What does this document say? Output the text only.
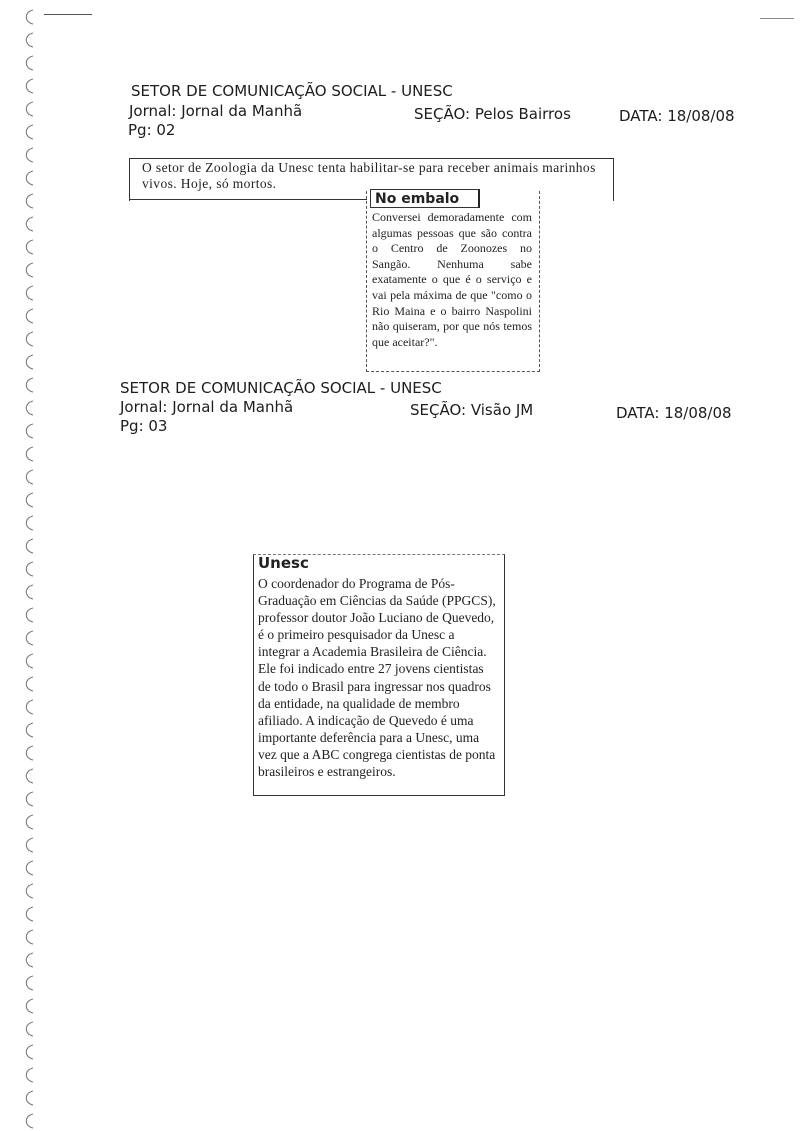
SETOR DE COMUNICAÇÃO SOCIAL - UNESC
Jornal: Jornal da Manhã	SEÇÃO: Pelos Bairros	DATA: 18/08/08
Pg: 02
O setor de Zoologia da Unesc tenta habilitar-se para receber animais marinhos vivos. Hoje, só mortos.
No embalo
Conversei demoradamente com algumas pessoas que são contra o Centro de Zoonozes no Sangão. Nenhuma sabe exatamente o que é o serviço e vai pela máxima de que "como o Rio Maina e o bairro Naspolini não quiseram, por que nós temos que aceitar?".
SETOR DE COMUNICAÇÃO SOCIAL - UNESC
Jornal: Jornal da Manhã	SEÇÃO: Visão JM	DATA: 18/08/08
Pg: 03
Unesc
O coordenador do Programa de Pós-Graduação em Ciências da Saúde (PPGCS), professor doutor João Luciano de Quevedo, é o primeiro pesquisador da Unesc a integrar a Academia Brasileira de Ciência. Ele foi indicado entre 27 jovens cientistas de todo o Brasil para ingressar nos quadros da entidade, na qualidade de membro afiliado. A indicação de Quevedo é uma importante deferência para a Unesc, uma vez que a ABC congrega cientistas de ponta brasileiros e estrangeiros.
